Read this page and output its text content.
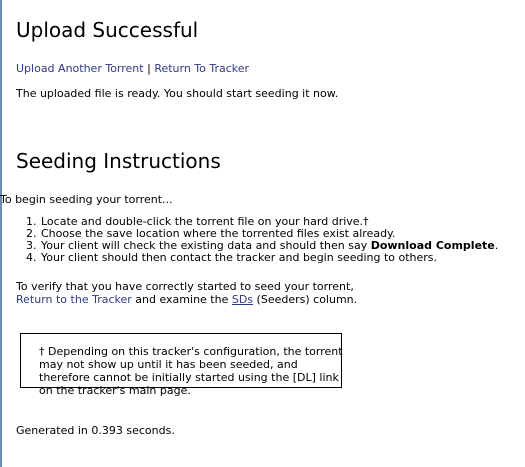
Upload Successful
Upload Another Torrent | Return To Tracker
The uploaded file is ready. You should start seeding it now.
Seeding Instructions
To begin seeding your torrent...
1. Locate and double-click the torrent file on your hard drive.†
2. Choose the save location where the torrented files exist already.
3. Your client will check the existing data and should then say Download Complete.
4. Your client should then contact the tracker and begin seeding to others.
To verify that you have correctly started to seed your torrent,
Return to the Tracker and examine the SDs (Seeders) column.
† Depending on this tracker's configuration, the torrent may not show up until it has been seeded, and therefore cannot be initially started using the [DL] link on the tracker's main page.
Generated in 0.393 seconds.
